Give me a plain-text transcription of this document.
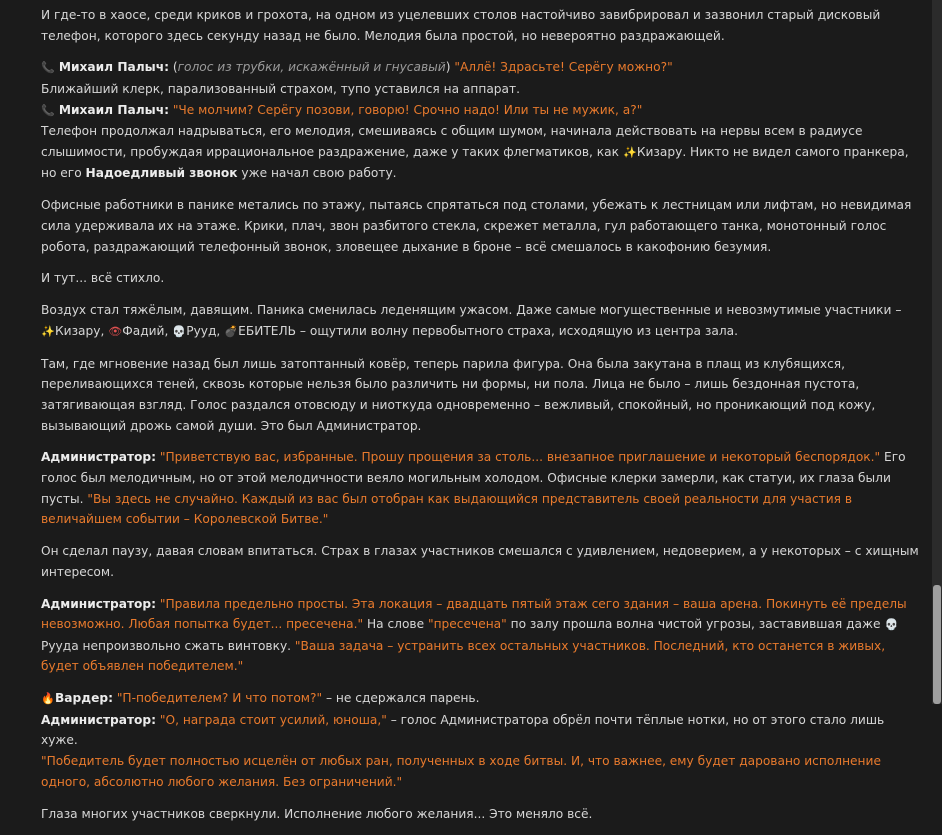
И где-то в хаосе, среди криков и грохота, на одном из уцелевших столов настойчиво завибрировал и зазвонил старый дисковый телефон, которого здесь секунду назад не было. Мелодия была простой, но невероятно раздражающей.

📞 Михаил Палыч: (голос из трубки, искажённый и гнусавый) "Аллё! Здрасьте! Серёгу можно?"
Ближайший клерк, парализованный страхом, тупо уставился на аппарат.
📞 Михаил Палыч: "Че молчим? Серёгу позови, говорю! Срочно надо! Или ты не мужик, а?"

Телефон продолжал надрываться, его мелодия, смешиваясь с общим шумом, начинала действовать на нервы всем в радиусе слышимости, пробуждая иррациональное раздражение, даже у таких флегматиков, как ✨Кизару. Никто не видел самого пранкера, но его Надоедливый звонок уже начал свою работу.

Офисные работники в панике метались по этажу, пытаясь спрятаться под столами, убежать к лестницам или лифтам, но невидимая сила удерживала их на этаже. Крики, плач, звон разбитого стекла, скрежет металла, гул работающего танка, монотонный голос робота, раздражающий телефонный звонок, зловещее дыхание в броне – всё смешалось в какофонию безумия.

И тут... всё стихло.

Воздух стал тяжёлым, давящим. Паника сменилась леденящим ужасом. Даже самые могущественные и невозмутимые участники –
✨Кизару, 👁Фадий, 💀Рууд, 💣ЕБИТЕЛЬ – ощутили волну первобытного страха, исходящую из центра зала.

Там, где мгновение назад был лишь затоптанный ковёр, теперь парила фигура. Она была закутана в плащ из клубящихся, переливающихся теней, сквозь которые нельзя было различить ни формы, ни пола. Лица не было – лишь бездонная пустота, затягивающая взгляд. Голос раздался отовсюду и ниоткуда одновременно – вежливый, спокойный, но проникающий под кожу, вызывающий дрожь самой души. Это был Администратор.

Администратор: "Приветствую вас, избранные. Прошу прощения за столь... внезапное приглашение и некоторый беспорядок." Его голос был мелодичным, но от этой мелодичности веяло могильным холодом. Офисные клерки замерли, как статуи, их глаза были пусты. "Вы здесь не случайно. Каждый из вас был отобран как выдающийся представитель своей реальности для участия в величайшем событии – Королевской Битве."

Он сделал паузу, давая словам впитаться. Страх в глазах участников смешался с удивлением, недоверием, а у некоторых – с хищным интересом.

Администратор: "Правила предельно просты. Эта локация – двадцать пятый этаж сего здания – ваша арена. Покинуть её пределы невозможно. Любая попытка будет... пресечена." На слове "пресечена" по залу прошла волна чистой угрозы, заставившая даже 💀Рууда непроизвольно сжать винтовку. "Ваша задача – устранить всех остальных участников. Последний, кто останется в живых, будет объявлен победителем."

🔥Вардер: "П-победителем? И что потом?" – не сдержался парень.

Администратор: "О, награда стоит усилий, юноша," – голос Администратора обрёл почти тёплые нотки, но от этого стало лишь хуже.
"Победитель будет полностью исцелён от любых ран, полученных в ходе битвы. И, что важнее, ему будет даровано исполнение одного, абсолютно любого желания. Без ограничений."

Глаза многих участников сверкнули. Исполнение любого желания... Это меняло всё.
